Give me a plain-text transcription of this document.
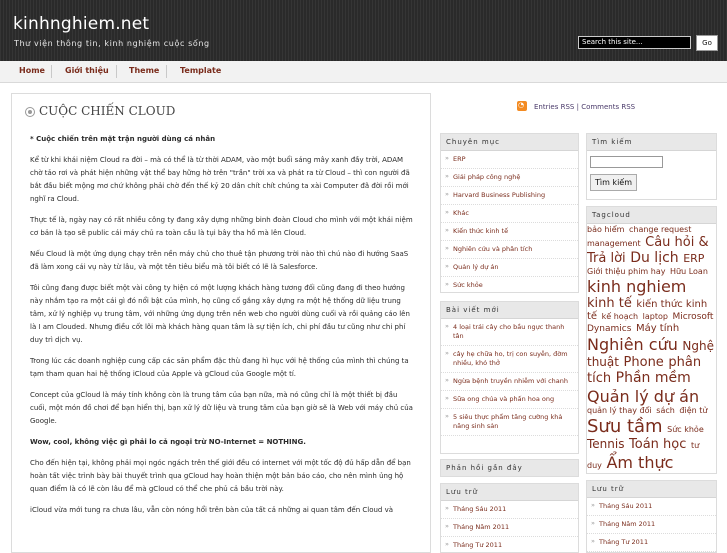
kinhnghiem.net
Thư viện thông tin, kinh nghiệm cuộc sống	Search this site...	Go
Home	Giới thiệu	Theme	Template
CUỘC CHIẾN CLOUD

* Cuộc chiến trên mặt trận người dùng cá nhân

Kể từ khi khái niệm Cloud ra đời – mà có thể là từ thời ADAM, vào một buổi sáng mây xanh đầy trời, ADAM chờ tảo rơi và phát hiện những vật thể bay hững hờ trên "trần" trời xa và phát ra từ Cloud – thì con người đã bắt đầu biết mộng mơ chứ không phải chờ đến thế kỷ 20 dân chít chít chúng ta xài Computer đã đời rồi mới nghĩ ra Cloud.

Thực tế là, ngày nay có rất nhiều công ty đang xây dựng những binh đoàn Cloud cho mình với một khái niệm cơ bản là tạo sẽ public cái máy chủ ra toàn cầu là tụi bây tha hồ mà lên Cloud.

Nếu Cloud là một ứng dụng chạy trên nền máy chủ cho thuê tận phương trời nào thì chú nào đi hướng SaaS đã làm xong cái vụ này từ lâu, và một tên tiêu biểu mà tôi biết có lẽ là Salesforce.

Tôi cũng đang được biết một vài công ty hiện có một lượng khách hàng tương đối cũng đang đi theo hướng này nhắm tạo ra một cái gì đó nổi bật của mình, họ cũng cố gắng xây dựng ra một hệ thống dữ liệu trung tâm, xử lý nghiệp vụ trung tâm, với những ứng dụng trên nền web cho người dùng cuối và rồi quảng cáo lên là I am Clouded. Nhưng điều cốt lõi mà khách hàng quan tâm là sự tiện ích, chi phí đầu tư cũng như chi phí duy trì dịch vụ.

Trong lúc các doanh nghiệp cung cấp các sản phẩm đặc thù đang hì hục với hệ thống của mình thì chúng ta tạm tham quan hai hệ thống iCloud của Apple và gCloud của Google một tí.

Concept của gCloud là máy tính không còn là trung tâm của bạn nữa, mà nó cũng chỉ là một thiết bị đầu cuối, một món đồ chơi để bạn hiển thị, bạn xử lý dữ liệu và trung tâm của bạn giờ sẽ là Web với máy chủ của Google.

Wow, cool, không việc gì phải lo cả ngoại trừ NO-Internet = NOTHING.

Cho đến hiện tại, không phải mọi ngóc ngách trên thế giới đều có internet với một tốc độ đủ hấp dẫn để bạn hoàn tất việc trình bày bài thuyết trình qua gCloud hay hoàn thiện một bản báo cáo, cho nên mình ủng hộ quan điểm là có lẽ còn lâu để mà gCloud có thể che phủ cả bầu trời này.

iCloud vừa mới tung ra chưa lâu, vẫn còn nóng hổi trên bàn của tất cả những ai quan tâm đến Cloud và

◔
Entries RSS | Comments RSS
Chuyên mục
» ERP
» Giải pháp công nghệ
» Harvard Business Publishing
» Khác
» Kiến thức kinh tế
» Nghiên cứu và phân tích
» Quản lý dự án
» Sức khỏe
Bài viết mới
» 4 loại trái cây cho bầu ngực thanh tân
» cây hẹ chữa ho, trị con suyễn, đờm nhiều, khó thở
» Ngừa bệnh truyền nhiễm với chanh
» Sữa ong chúa và phấn hoa ong
» 5 siêu thực phẩm tăng cường khả năng sinh sản
Phản hồi gần đây
Lưu trữ
» Tháng Sáu 2011
» Tháng Năm 2011
» Tháng Tư 2011
Tìm kiếm
Tìm kiếm
Tagcloud
bảo hiểm change request management Câu hỏi & Trả lời Du lịch ERP Giới thiệu phim hay Hữu Loan kinh nghiem kinh tế kiến thức kinh tế kế hoạch laptop Microsoft Dynamics Máy tính Nghiên cứu Nghệ thuật Phone phân tích Phần mềm Quản lý dự án quản lý thay đổi sách điện tử Sưu tầm Sức khỏe Tennis Toán học tư duy Ẩm thực
Lưu trữ
» Tháng Sáu 2011
» Tháng Năm 2011
» Tháng Tư 2011
